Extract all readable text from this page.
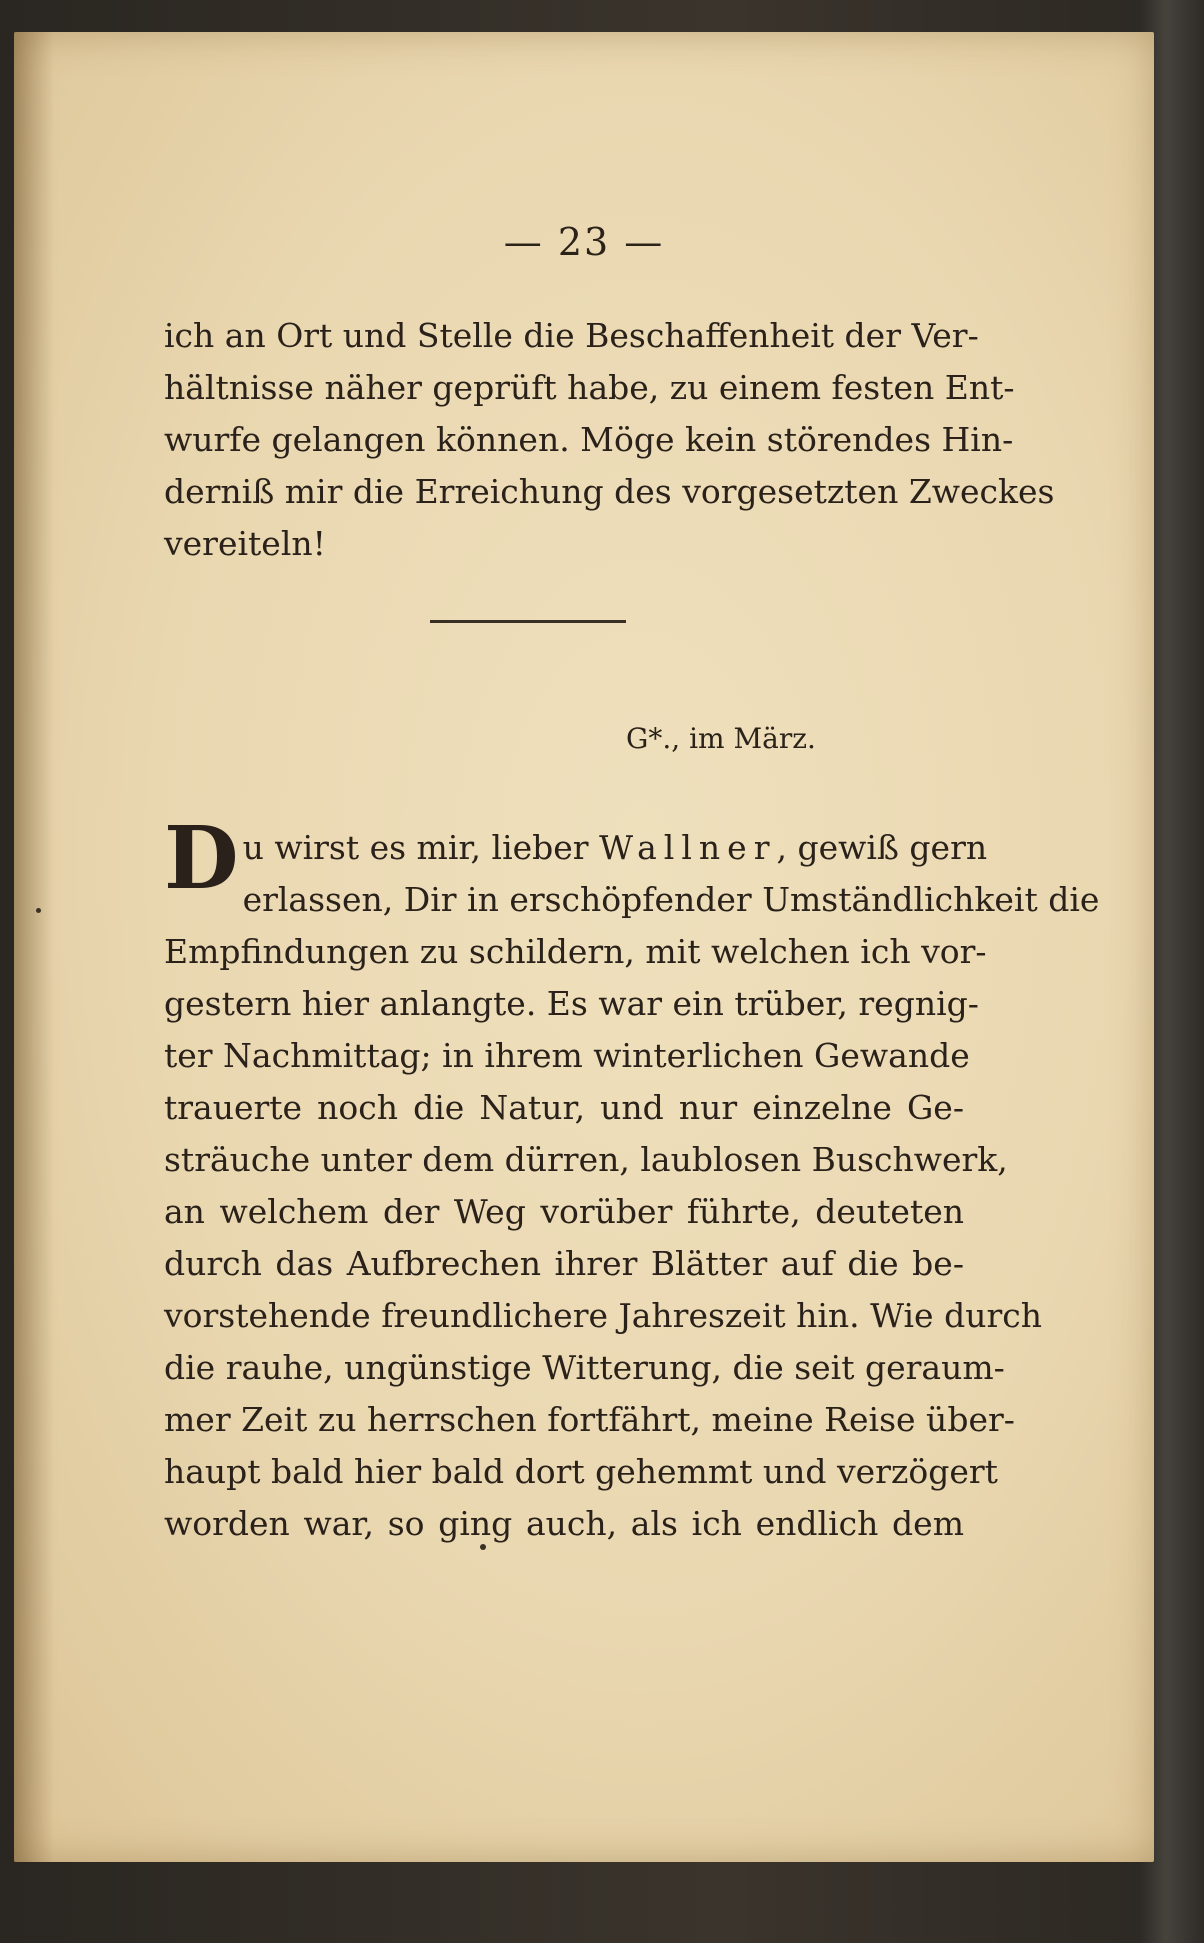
— 23 —
ich an Ort und Stelle die Beschaffenheit der Ver-
hältnisse näher geprüft habe, zu einem festen Ent-
wurfe gelangen können. Möge kein störendes Hin-
derniß mir die Erreichung des vorgesetzten Zweckes
vereiteln!
G*., im März.
Du wirst es mir, lieber Wallner, gewiß gern
erlassen, Dir in erschöpfender Umständlichkeit die
Empfindungen zu schildern, mit welchen ich vor-
gestern hier anlangte. Es war ein trüber, regnig-
ter Nachmittag; in ihrem winterlichen Gewande
trauerte noch die Natur, und nur einzelne Ge-
sträuche unter dem dürren, laublosen Buschwerk,
an welchem der Weg vorüber führte, deuteten
durch das Aufbrechen ihrer Blätter auf die be-
vorstehende freundlichere Jahreszeit hin. Wie durch
die rauhe, ungünstige Witterung, die seit geraum-
mer Zeit zu herrschen fortfährt, meine Reise über-
haupt bald hier bald dort gehemmt und verzögert
worden war, so ging auch, als ich endlich dem
